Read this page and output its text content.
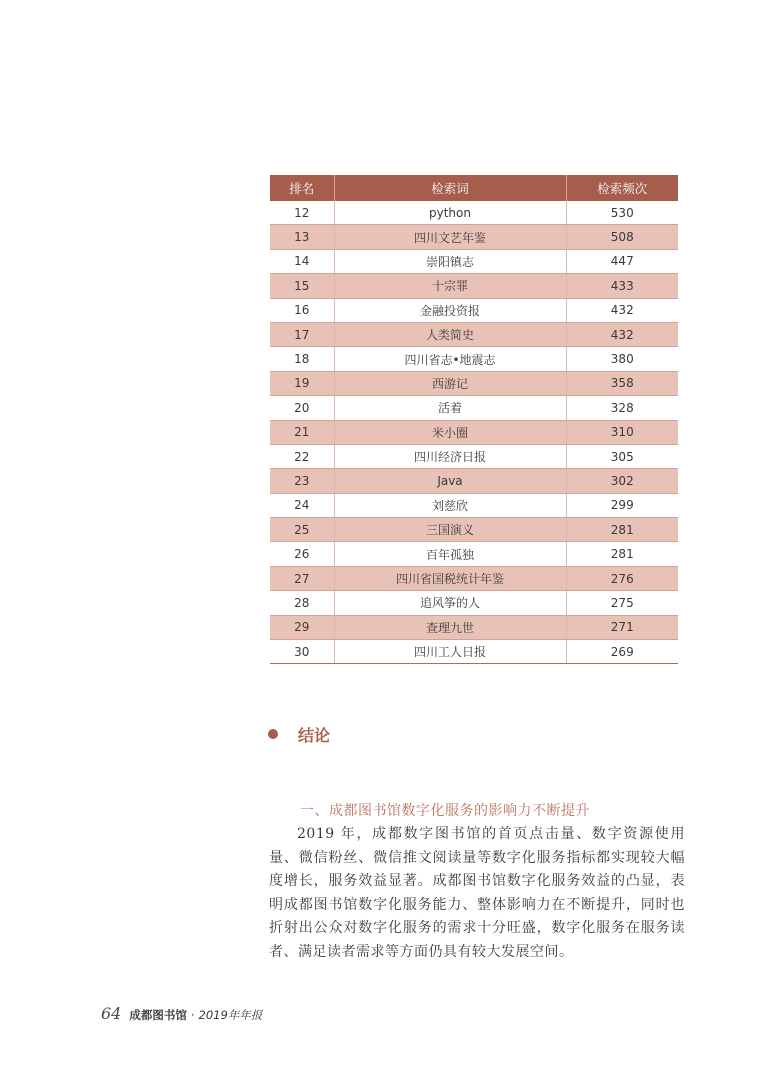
排名	检索词	检索频次
12	python	530
13	四川文艺年鉴	508
14	崇阳镇志	447
15	十宗罪	433
16	金融投资报	432
17	人类简史	432
18	四川省志•地震志	380
19	西游记	358
20	活着	328
21	米小圈	310
22	四川经济日报	305
23	Java	302
24	刘慈欣	299
25	三国演义	281
26	百年孤独	281
27	四川省国税统计年鉴	276
28	追风筝的人	275
29	查理九世	271
30	四川工人日报	269
结论
一、成都图书馆数字化服务的影响力不断提升

2019 年，成都数字图书馆的首页点击量、数字资源使用量、微信粉丝、微信推文阅读量等数字化服务指标都实现较大幅度增长，服务效益显著。成都图书馆数字化服务效益的凸显，表明成都图书馆数字化服务能力、整体影响力在不断提升，同时也折射出公众对数字化服务的需求十分旺盛，数字化服务在服务读者、满足读者需求等方面仍具有较大发展空间。

64 成都图书馆 · 2019年年报
